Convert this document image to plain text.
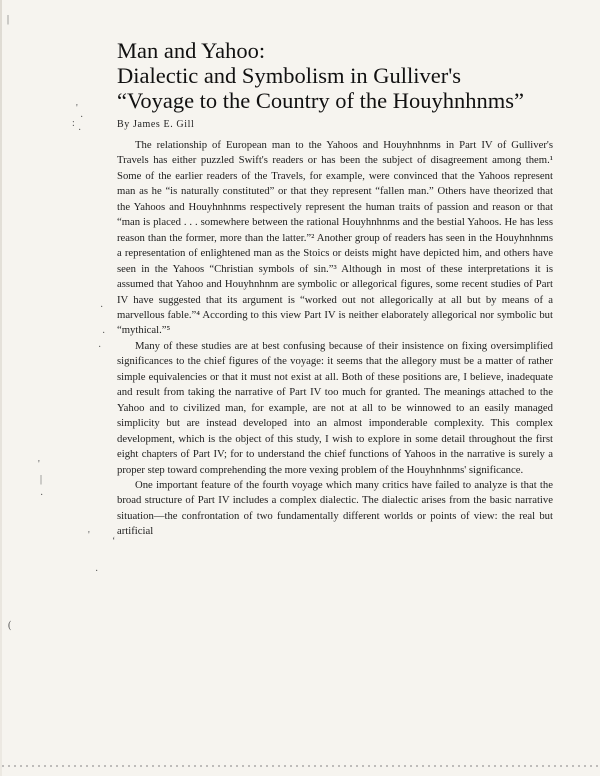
Man and Yahoo:
Dialectic and Symbolism in Gulliver's
“Voyage to the Country of the Houyhnhnms”
By James E. Gill

The relationship of European man to the Yahoos and Houyhnhnms in Part IV of Gulliver's Travels has either puzzled Swift's readers or has been the subject of disagreement among them.¹ Some of the earlier readers of the Travels, for example, were convinced that the Yahoos represent man as he “is naturally constituted” or that they represent “fallen man.” Others have theorized that the Yahoos and Houyhnhnms respectively represent the human traits of passion and reason or that “man is placed . . . somewhere between the rational Houyhnhnms and the bestial Yahoos. He has less reason than the former, more than the latter.”² Another group of readers has seen in the Houyhnhnms a representation of enlightened man as the Stoics or deists might have depicted him, and others have seen in the Yahoos “Christian symbols of sin.”³ Although in most of these interpretations it is assumed that Yahoo and Houyhnhnm are symbolic or allegorical figures, some recent studies of Part IV have suggested that its argument is “worked out not allegorically at all but by means of a marvellous fable.”⁴ According to this view Part IV is neither elaborately allegorical nor symbolic but “mythical.”⁵

Many of these studies are at best confusing because of their insistence on fixing oversimplified significances to the chief figures of the voyage: it seems that the allegory must be a matter of rather simple equivalencies or that it must not exist at all. Both of these positions are, I believe, inadequate and result from taking the narrative of Part IV too much for granted. The meanings attached to the Yahoo and to civilized man, for example, are not at all to be winnowed to an easily managed simplicity but are instead developed into an almost imponderable complexity. This complex development, which is the object of this study, I wish to explore in some detail throughout the first eight chapters of Part IV; for to understand the chief functions of Yahoos in the narrative is surely a proper step toward comprehending the more vexing problem of the Houyhnhnms' significance.

One important feature of the fourth voyage which many critics have failed to analyze is that the broad structure of Part IV includes a complex dialectic. The dialectic arises from the basic narrative situation—the confrontation of two fundamentally different worlds or points of view: the real but artificial

|
'
·
:
·
·
·
·
'
|
·
'
‘
·
(
